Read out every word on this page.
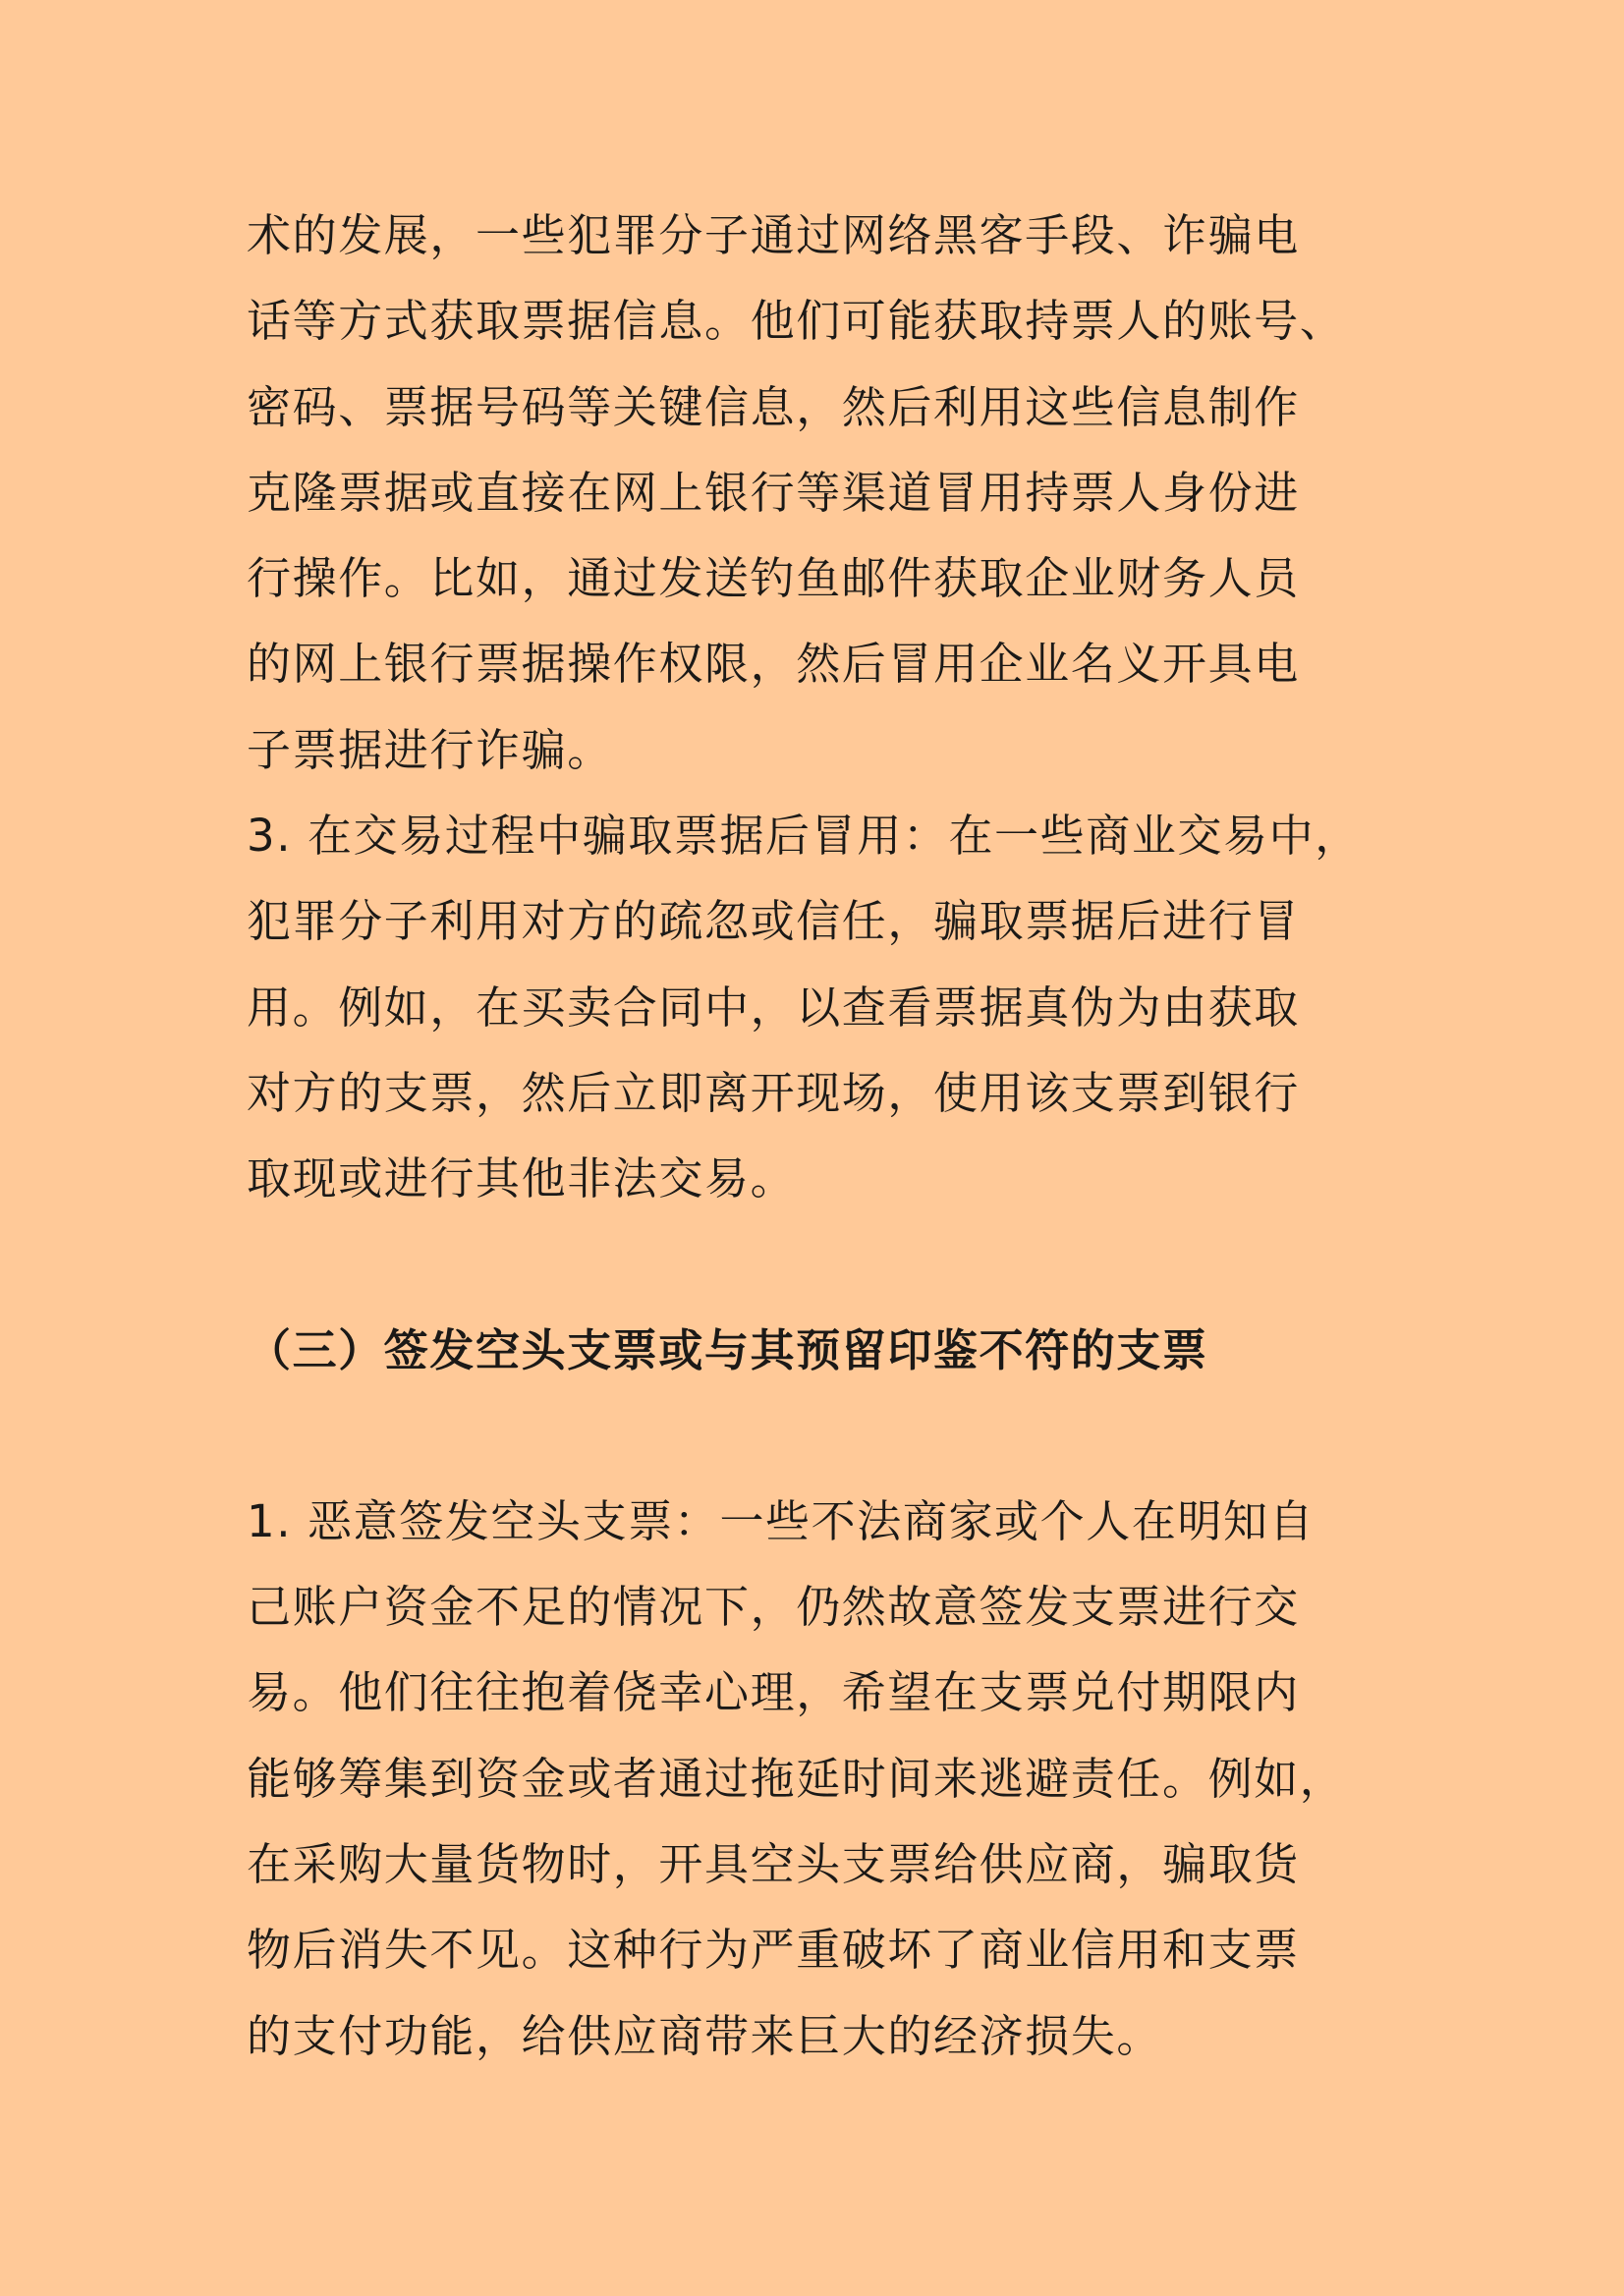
术的发展，一些犯罪分子通过网络黑客手段、诈骗电
话等方式获取票据信息。他们可能获取持票人的账号、
密码、票据号码等关键信息，然后利用这些信息制作
克隆票据或直接在网上银行等渠道冒用持票人身份进
行操作。比如，通过发送钓鱼邮件获取企业财务人员
的网上银行票据操作权限，然后冒用企业名义开具电
子票据进行诈骗。
3. 在交易过程中骗取票据后冒用：在一些商业交易中，
犯罪分子利用对方的疏忽或信任，骗取票据后进行冒
用。例如，在买卖合同中，以查看票据真伪为由获取
对方的支票，然后立即离开现场，使用该支票到银行
取现或进行其他非法交易。
（三）签发空头支票或与其预留印鉴不符的支票
1. 恶意签发空头支票：一些不法商家或个人在明知自
己账户资金不足的情况下，仍然故意签发支票进行交
易。他们往往抱着侥幸心理，希望在支票兑付期限内
能够筹集到资金或者通过拖延时间来逃避责任。例如，
在采购大量货物时，开具空头支票给供应商，骗取货
物后消失不见。这种行为严重破坏了商业信用和支票
的支付功能，给供应商带来巨大的经济损失。
